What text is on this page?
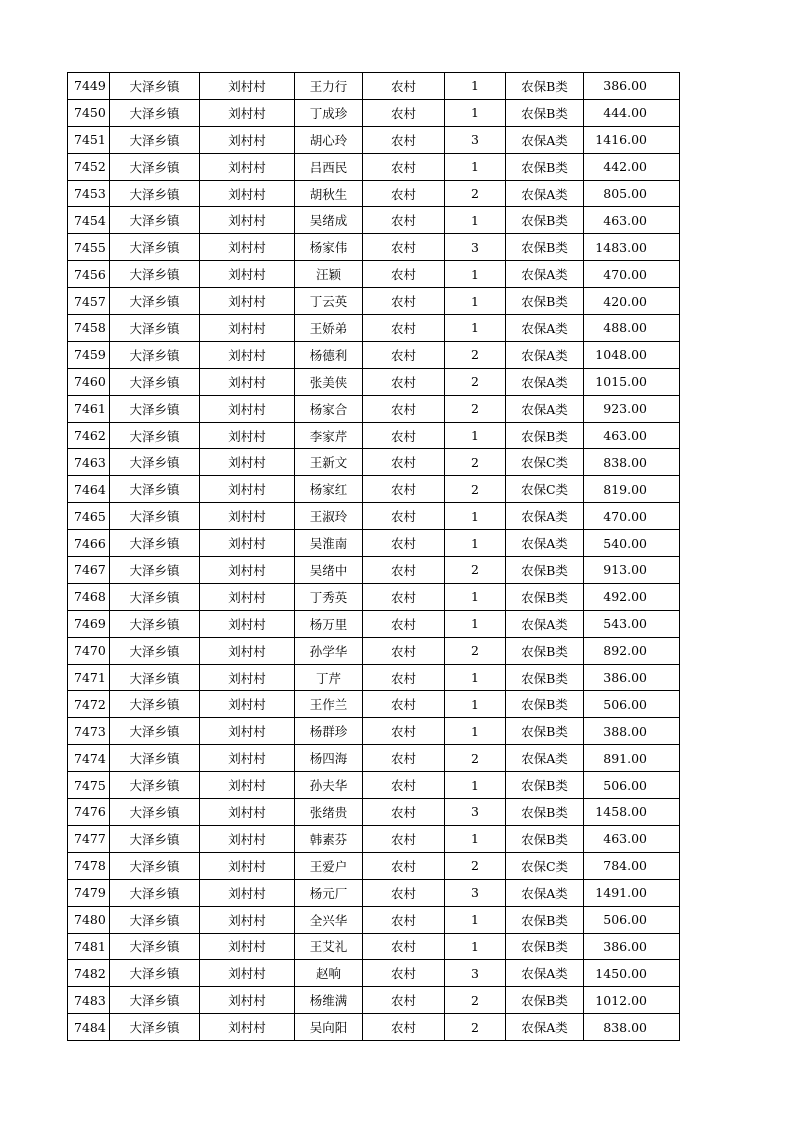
7449	大泽乡镇	刘村村	王力行	农村	1	农保B类	386.00
7450	大泽乡镇	刘村村	丁成珍	农村	1	农保B类	444.00
7451	大泽乡镇	刘村村	胡心玲	农村	3	农保A类	1416.00
7452	大泽乡镇	刘村村	吕西民	农村	1	农保B类	442.00
7453	大泽乡镇	刘村村	胡秋生	农村	2	农保A类	805.00
7454	大泽乡镇	刘村村	吴绪成	农村	1	农保B类	463.00
7455	大泽乡镇	刘村村	杨家伟	农村	3	农保B类	1483.00
7456	大泽乡镇	刘村村	汪颖	农村	1	农保A类	470.00
7457	大泽乡镇	刘村村	丁云英	农村	1	农保B类	420.00
7458	大泽乡镇	刘村村	王娇弟	农村	1	农保A类	488.00
7459	大泽乡镇	刘村村	杨德利	农村	2	农保A类	1048.00
7460	大泽乡镇	刘村村	张美侠	农村	2	农保A类	1015.00
7461	大泽乡镇	刘村村	杨家合	农村	2	农保A类	923.00
7462	大泽乡镇	刘村村	李家芹	农村	1	农保B类	463.00
7463	大泽乡镇	刘村村	王新文	农村	2	农保C类	838.00
7464	大泽乡镇	刘村村	杨家红	农村	2	农保C类	819.00
7465	大泽乡镇	刘村村	王淑玲	农村	1	农保A类	470.00
7466	大泽乡镇	刘村村	吴淮南	农村	1	农保A类	540.00
7467	大泽乡镇	刘村村	吴绪中	农村	2	农保B类	913.00
7468	大泽乡镇	刘村村	丁秀英	农村	1	农保B类	492.00
7469	大泽乡镇	刘村村	杨万里	农村	1	农保A类	543.00
7470	大泽乡镇	刘村村	孙学华	农村	2	农保B类	892.00
7471	大泽乡镇	刘村村	丁芹	农村	1	农保B类	386.00
7472	大泽乡镇	刘村村	王作兰	农村	1	农保B类	506.00
7473	大泽乡镇	刘村村	杨群珍	农村	1	农保B类	388.00
7474	大泽乡镇	刘村村	杨四海	农村	2	农保A类	891.00
7475	大泽乡镇	刘村村	孙夫华	农村	1	农保B类	506.00
7476	大泽乡镇	刘村村	张绪贵	农村	3	农保B类	1458.00
7477	大泽乡镇	刘村村	韩素芬	农村	1	农保B类	463.00
7478	大泽乡镇	刘村村	王爱户	农村	2	农保C类	784.00
7479	大泽乡镇	刘村村	杨元厂	农村	3	农保A类	1491.00
7480	大泽乡镇	刘村村	全兴华	农村	1	农保B类	506.00
7481	大泽乡镇	刘村村	王艾礼	农村	1	农保B类	386.00
7482	大泽乡镇	刘村村	赵响	农村	3	农保A类	1450.00
7483	大泽乡镇	刘村村	杨维满	农村	2	农保B类	1012.00
7484	大泽乡镇	刘村村	吴向阳	农村	2	农保A类	838.00
